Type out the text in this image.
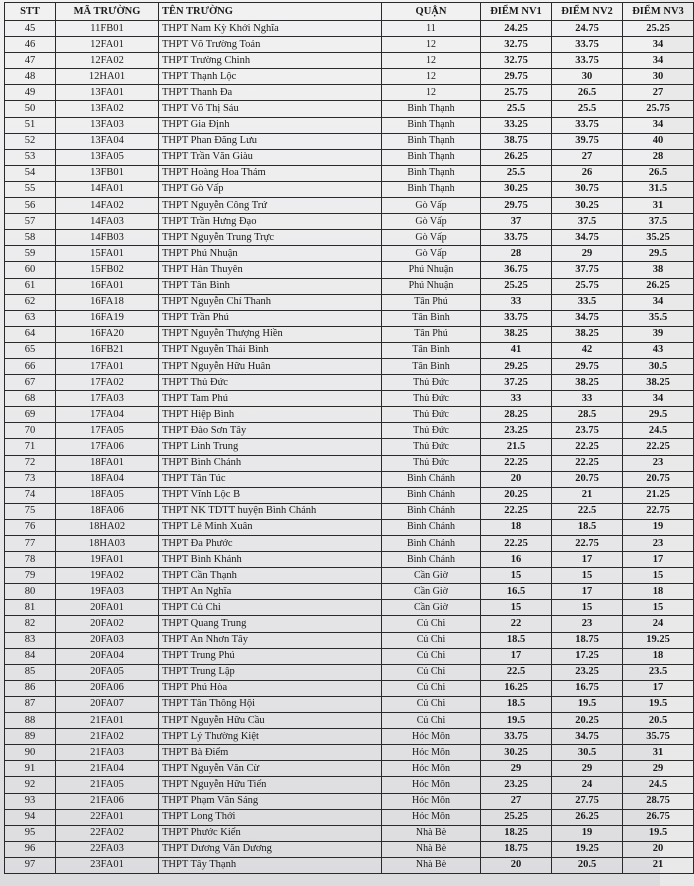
STT	MÃ TRƯỜNG	TÊN TRƯỜNG	QUẬN	ĐIỂM NV1	ĐIỂM NV2	ĐIỂM NV3
45	11FB01	THPT Nam Kỳ Khởi Nghĩa	11	24.25	24.75	25.25
46	12FA01	THPT Võ Trường Toản	12	32.75	33.75	34
47	12FA02	THPT Trường Chinh	12	32.75	33.75	34
48	12HA01	THPT Thạnh Lộc	12	29.75	30	30
49	13FA01	THPT Thanh Đa	12	25.75	26.5	27
50	13FA02	THPT Võ Thị Sáu	Bình Thạnh	25.5	25.5	25.75
51	13FA03	THPT Gia Định	Bình Thạnh	33.25	33.75	34
52	13FA04	THPT Phan Đăng Lưu	Bình Thạnh	38.75	39.75	40
53	13FA05	THPT Trần Văn Giàu	Bình Thạnh	26.25	27	28
54	13FB01	THPT Hoàng Hoa Thám	Bình Thạnh	25.5	26	26.5
55	14FA01	THPT Gò Vấp	Bình Thạnh	30.25	30.75	31.5
56	14FA02	THPT Nguyễn Công Trứ	Gò Vấp	29.75	30.25	31
57	14FA03	THPT Trần Hưng Đạo	Gò Vấp	37	37.5	37.5
58	14FB03	THPT Nguyễn Trung Trực	Gò Vấp	33.75	34.75	35.25
59	15FA01	THPT Phú Nhuận	Gò Vấp	28	29	29.5
60	15FB02	THPT Hàn Thuyên	Phú Nhuận	36.75	37.75	38
61	16FA01	THPT Tân Bình	Phú Nhuận	25.25	25.75	26.25
62	16FA18	THPT Nguyễn Chí Thanh	Tân Phú	33	33.5	34
63	16FA19	THPT Trần Phú	Tân Bình	33.75	34.75	35.5
64	16FA20	THPT Nguyễn Thượng Hiền	Tân Phú	38.25	38.25	39
65	16FB21	THPT Nguyễn Thái Bình	Tân Bình	41	42	43
66	17FA01	THPT Nguyễn Hữu Huân	Tân Bình	29.25	29.75	30.5
67	17FA02	THPT Thủ Đức	Thủ Đức	37.25	38.25	38.25
68	17FA03	THPT Tam Phú	Thủ Đức	33	33	34
69	17FA04	THPT Hiệp Bình	Thủ Đức	28.25	28.5	29.5
70	17FA05	THPT Đào Sơn Tây	Thủ Đức	23.25	23.75	24.5
71	17FA06	THPT Linh Trung	Thủ Đức	21.5	22.25	22.25
72	18FA01	THPT Bình Chánh	Thủ Đức	22.25	22.25	23
73	18FA04	THPT Tân Túc	Bình Chánh	20	20.75	20.75
74	18FA05	THPT Vĩnh Lộc B	Bình Chánh	20.25	21	21.25
75	18FA06	THPT NK TDTT huyện Bình Chánh	Bình Chánh	22.25	22.5	22.75
76	18HA02	THPT Lê Minh Xuân	Bình Chánh	18	18.5	19
77	18HA03	THPT Đa Phước	Bình Chánh	22.25	22.75	23
78	19FA01	THPT Bình Khánh	Bình Chánh	16	17	17
79	19FA02	THPT Cần Thạnh	Cần Giờ	15	15	15
80	19FA03	THPT An Nghĩa	Cần Giờ	16.5	17	18
81	20FA01	THPT Củ Chi	Cần Giờ	15	15	15
82	20FA02	THPT Quang Trung	Củ Chi	22	23	24
83	20FA03	THPT An Nhơn Tây	Củ Chi	18.5	18.75	19.25
84	20FA04	THPT Trung Phú	Củ Chi	17	17.25	18
85	20FA05	THPT Trung Lập	Củ Chi	22.5	23.25	23.5
86	20FA06	THPT Phú Hòa	Củ Chi	16.25	16.75	17
87	20FA07	THPT Tân Thông Hội	Củ Chi	18.5	19.5	19.5
88	21FA01	THPT Nguyễn Hữu Cầu	Củ Chi	19.5	20.25	20.5
89	21FA02	THPT Lý Thường Kiệt	Hóc Môn	33.75	34.75	35.75
90	21FA03	THPT Bà Điểm	Hóc Môn	30.25	30.5	31
91	21FA04	THPT Nguyễn Văn Cừ	Hóc Môn	29	29	29
92	21FA05	THPT Nguyễn Hữu Tiến	Hóc Môn	23.25	24	24.5
93	21FA06	THPT Phạm Văn Sáng	Hóc Môn	27	27.75	28.75
94	22FA01	THPT Long Thới	Hóc Môn	25.25	26.25	26.75
95	22FA02	THPT Phước Kiển	Nhà Bè	18.25	19	19.5
96	22FA03	THPT Dương Văn Dương	Nhà Bè	18.75	19.25	20
97	23FA01	THPT Tây Thạnh	Nhà Bè	20	20.5	21
